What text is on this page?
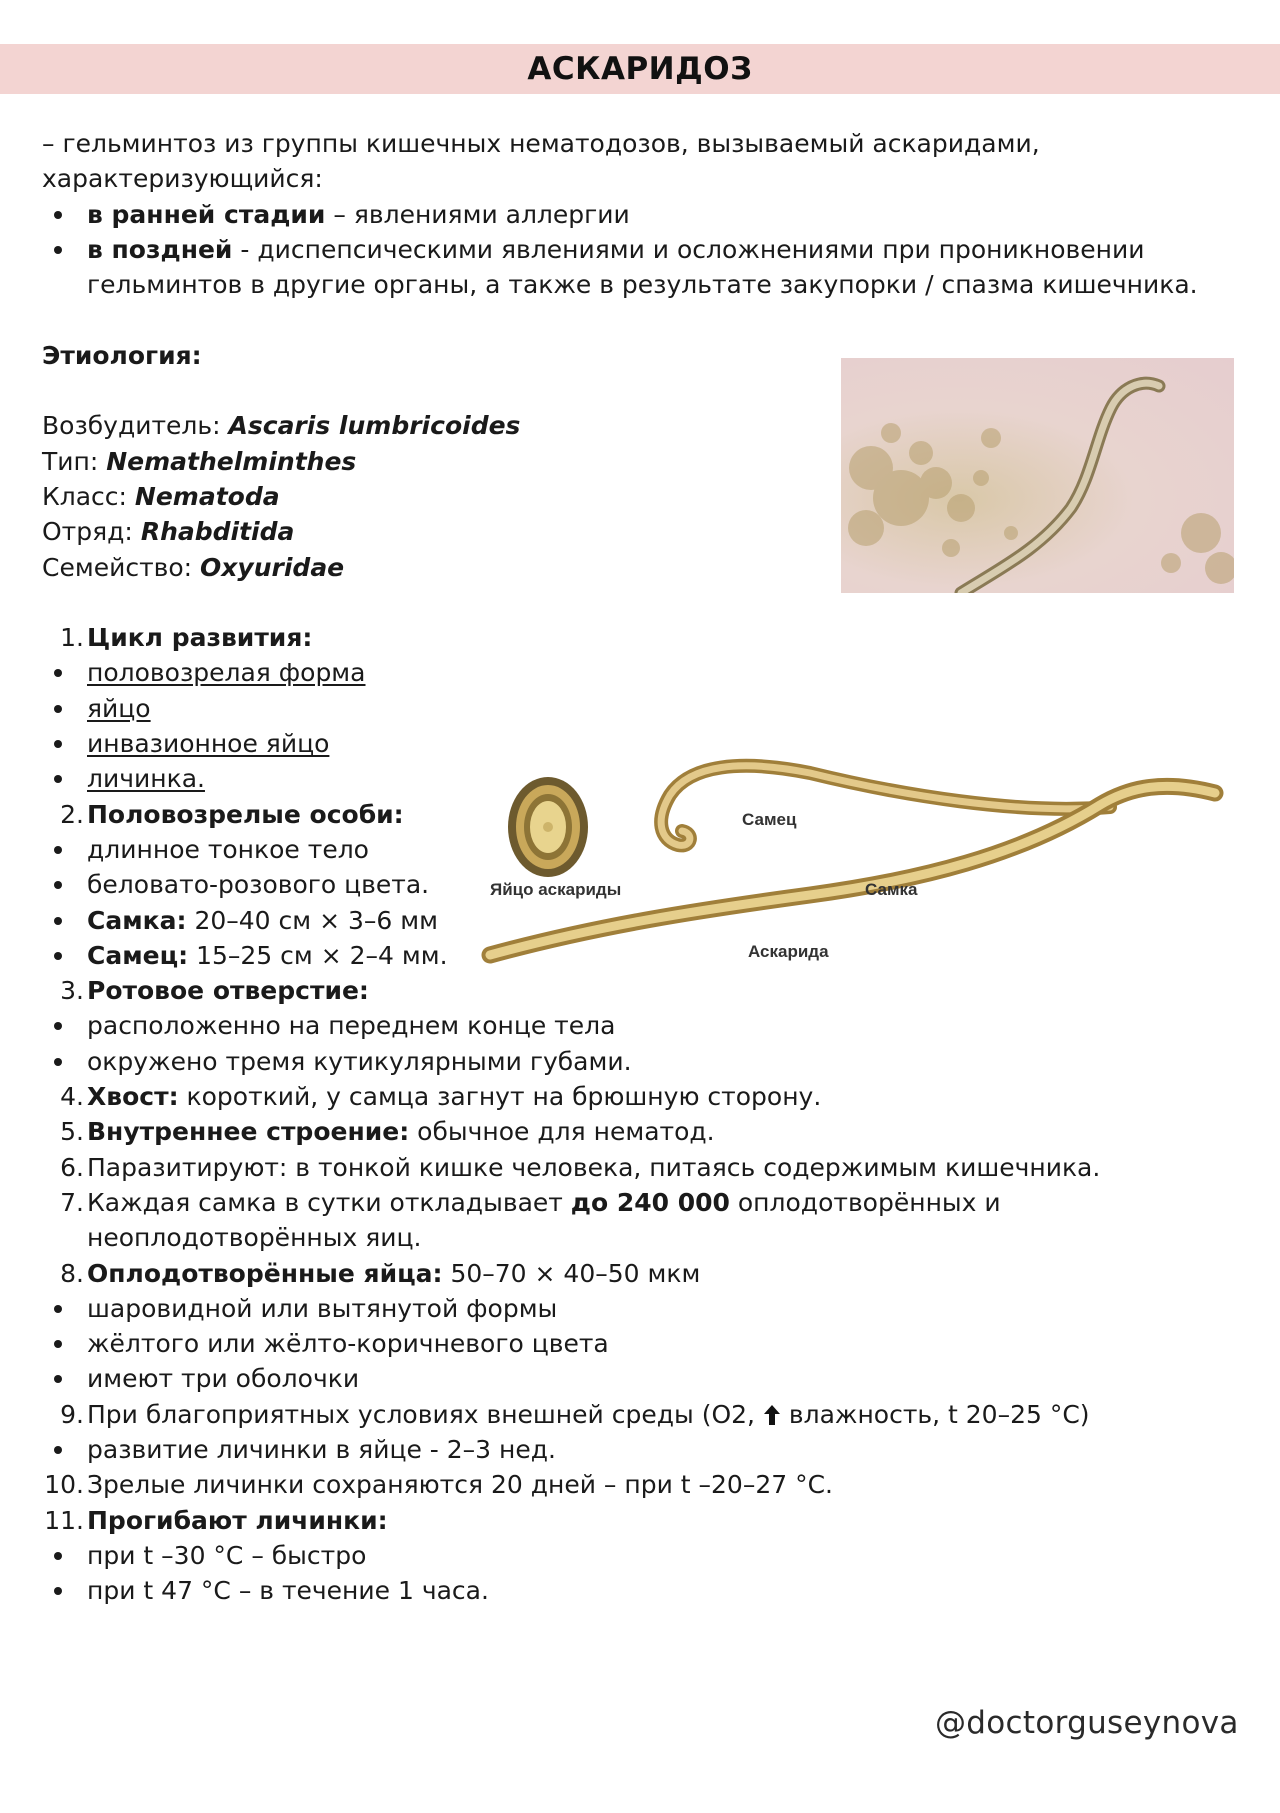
АСКАРИДОЗ
Яйцо аскариды
Самец
Самка
Аскарида
– гельминтоз из группы кишечных нематодозов, вызываемый аскаридами,
характеризующийся:
в ранней стадии – явлениями аллергии
в поздней - диспепсическими явлениями и осложнениями при проникновении
гельминтов в другие органы, а также в результате закупорки / спазма кишечника.
Этиология:
Возбудитель: Ascaris lumbricoides
Тип: Nemathelminthes
Класс: Nematoda
Отряд: Rhabditida
Семейство: Oxyuridae
1. Цикл развития:
половозрелая форма
яйцо
инвазионное яйцо
личинка.
2. Половозрелые особи:
длинное тонкое тело
беловато-розового цвета.
Самка: 20–40 см × 3–6 мм
Самец: 15–25 см × 2–4 мм.
3. Ротовое отверстие:
расположенно на переднем конце тела
окружено тремя кутикулярными губами.
4. Хвост: короткий, у самца загнут на брюшную сторону.
5. Внутреннее строение: обычное для нематод.
6. Паразитируют: в тонкой кишке человека, питаясь содержимым кишечника.
7. Каждая самка в сутки откладывает до 240 000 оплодотворённых и
неоплодотворённых яиц.
8. Оплодотворённые яйца: 50–70 × 40–50 мкм
шаровидной или вытянутой формы
жёлтого или жёлто-коричневого цвета
имеют три оболочки
9. При благоприятных условиях внешней среды (О2,  влажность, t 20–25 °С)
развитие личинки в яйце - 2–3 нед.
10. Зрелые личинки сохраняются 20 дней – при t –20–27 °С.
11. Прогибают личинки:
при t –30 °С – быстро
при t 47 °С – в течение 1 часа.
@doctorguseynova
